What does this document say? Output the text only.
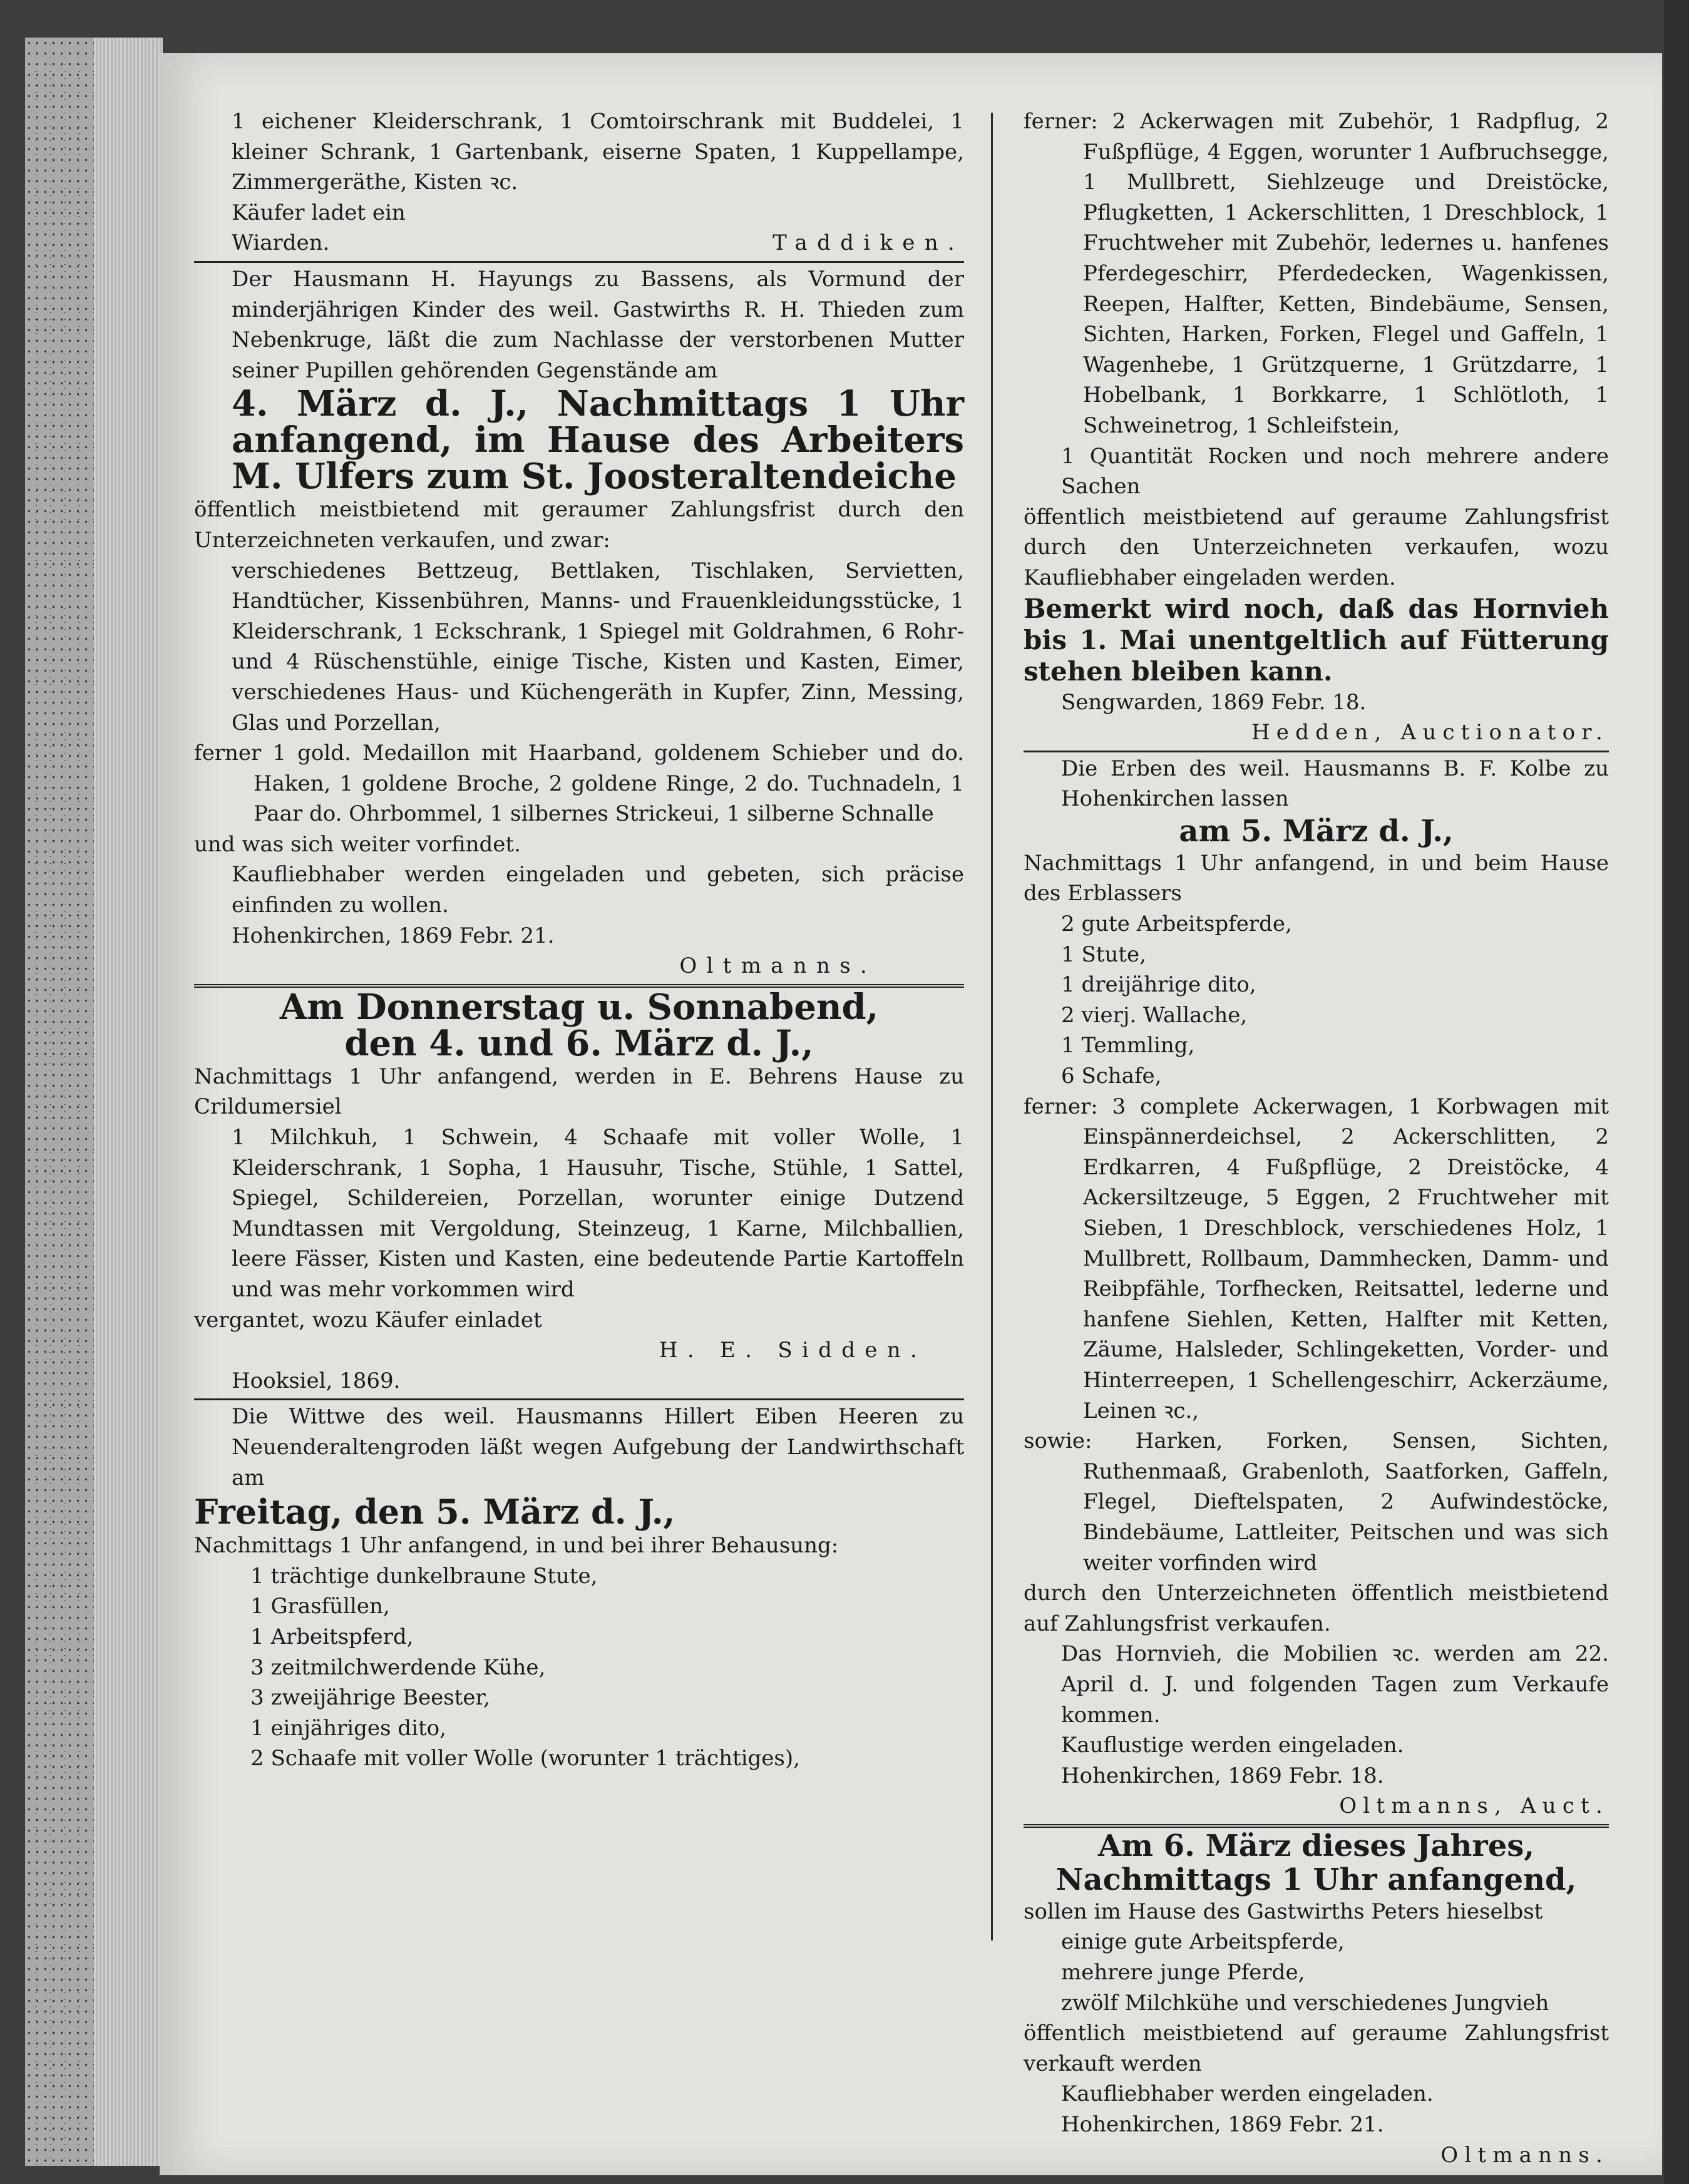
1 eichener Kleiderschrank, 1 Comtoirschrank mit Buddelei, 1 kleiner Schrank, 1 Gartenbank, eiserne Spaten, 1 Kuppellampe, Zimmergeräthe, Kisten ꝛc.

Käufer ladet ein

Wiarden.	Taddiken.

Der Hausmann H. Hayungs zu Bassens, als Vormund der minderjährigen Kinder des weil. Gastwirths R. H. Thieden zum Nebenkruge, läßt die zum Nachlasse der verstorbenen Mutter seiner Pupillen gehörenden Gegenstände am

4. März d. J., Nachmittags 1 Uhr anfangend, im Hause des Arbeiters M. Ulfers zum St. Joosteraltendeiche

öffentlich meistbietend mit geraumer Zahlungsfrist durch den Unterzeichneten verkaufen, und zwar:

verschiedenes Bettzeug, Bettlaken, Tischlaken, Servietten, Handtücher, Kissenbühren, Manns- und Frauenkleidungsstücke, 1 Kleiderschrank, 1 Eckschrank, 1 Spiegel mit Goldrahmen, 6 Rohr- und 4 Rüschenstühle, einige Tische, Kisten und Kasten, Eimer, verschiedenes Haus- und Küchengeräth in Kupfer, Zinn, Messing, Glas und Porzellan,

ferner 1 gold. Medaillon mit Haarband, goldenem Schieber und do. Haken, 1 goldene Broche, 2 goldene Ringe, 2 do. Tuchnadeln, 1 Paar do. Ohrbommel, 1 silbernes Strickeui, 1 silberne Schnalle

und was sich weiter vorfindet.

Kaufliebhaber werden eingeladen und gebeten, sich präcise einfinden zu wollen.

Hohenkirchen, 1869 Febr. 21.

Oltmanns.

Am Donnerstag u. Sonnabend,

den 4. und 6. März d. J.,

Nachmittags 1 Uhr anfangend, werden in E. Behrens Hause zu Crildumersiel

1 Milchkuh, 1 Schwein, 4 Schaafe mit voller Wolle, 1 Kleiderschrank, 1 Sopha, 1 Hausuhr, Tische, Stühle, 1 Sattel, Spiegel, Schildereien, Porzellan, worunter einige Dutzend Mundtassen mit Vergoldung, Steinzeug, 1 Karne, Milchballien, leere Fässer, Kisten und Kasten, eine bedeutende Partie Kartoffeln und was mehr vorkommen wird

vergantet, wozu Käufer einladet

H. E. Sidden.

Hooksiel, 1869.

Die Wittwe des weil. Hausmanns Hillert Eiben Heeren zu Neuenderaltengroden läßt wegen Aufgebung der Landwirthschaft am

Freitag, den 5. März d. J.,

Nachmittags 1 Uhr anfangend, in und bei ihrer Behausung:

1 trächtige dunkelbraune Stute,

1 Grasfüllen,

1 Arbeitspferd,

3 zeitmilchwerdende Kühe,

3 zweijährige Beester,

1 einjähriges dito,

2 Schaafe mit voller Wolle (worunter 1 trächtiges),

ferner: 2 Ackerwagen mit Zubehör, 1 Radpflug, 2 Fußpflüge, 4 Eggen, worunter 1 Aufbruchsegge, 1 Mullbrett, Siehlzeuge und Dreistöcke, Pflugketten, 1 Ackerschlitten, 1 Dreschblock, 1 Fruchtweher mit Zubehör, ledernes u. hanfenes Pferdegeschirr, Pferdedecken, Wagenkissen, Reepen, Halfter, Ketten, Bindebäume, Sensen, Sichten, Harken, Forken, Flegel und Gaffeln, 1 Wagenhebe, 1 Grützquerne, 1 Grützdarre, 1 Hobelbank, 1 Borkkarre, 1 Schlötloth, 1 Schweinetrog, 1 Schleifstein,

1 Quantität Rocken und noch mehrere andere Sachen

öffentlich meistbietend auf geraume Zahlungsfrist durch den Unterzeichneten verkaufen, wozu Kaufliebhaber eingeladen werden.

Bemerkt wird noch, daß das Hornvieh bis 1. Mai unentgeltlich auf Fütterung stehen bleiben kann.

Sengwarden, 1869 Febr. 18.

Hedden, Auctionator.

Die Erben des weil. Hausmanns B. F. Kolbe zu Hohenkirchen lassen

am 5. März d. J.,

Nachmittags 1 Uhr anfangend, in und beim Hause des Erblassers

2 gute Arbeitspferde,

1 Stute,

1 dreijährige dito,

2 vierj. Wallache,

1 Temmling,

6 Schafe,

ferner: 3 complete Ackerwagen, 1 Korbwagen mit Einspännerdeichsel, 2 Ackerschlitten, 2 Erdkarren, 4 Fußpflüge, 2 Dreistöcke, 4 Ackersiltzeuge, 5 Eggen, 2 Fruchtweher mit Sieben, 1 Dreschblock, verschiedenes Holz, 1 Mullbrett, Rollbaum, Dammhecken, Damm- und Reibpfähle, Torfhecken, Reitsattel, lederne und hanfene Siehlen, Ketten, Halfter mit Ketten, Zäume, Halsleder, Schlingeketten, Vorder- und Hinterreepen, 1 Schellengeschirr, Ackerzäume, Leinen ꝛc.,

sowie: Harken, Forken, Sensen, Sichten, Ruthenmaaß, Grabenloth, Saatforken, Gaffeln, Flegel, Dieftelspaten, 2 Aufwindestöcke, Bindebäume, Lattleiter, Peitschen und was sich weiter vorfinden wird

durch den Unterzeichneten öffentlich meistbietend auf Zahlungsfrist verkaufen.

Das Hornvieh, die Mobilien ꝛc. werden am 22. April d. J. und folgenden Tagen zum Verkaufe kommen.

Kauflustige werden eingeladen.

Hohenkirchen, 1869 Febr. 18.

Oltmanns, Auct.

Am 6. März dieses Jahres,

Nachmittags 1 Uhr anfangend,

sollen im Hause des Gastwirths Peters hieselbst

einige gute Arbeitspferde,

mehrere junge Pferde,

zwölf Milchkühe und verschiedenes Jungvieh

öffentlich meistbietend auf geraume Zahlungsfrist verkauft werden

Kaufliebhaber werden eingeladen.

Hohenkirchen, 1869 Febr. 21.

Oltmanns.
